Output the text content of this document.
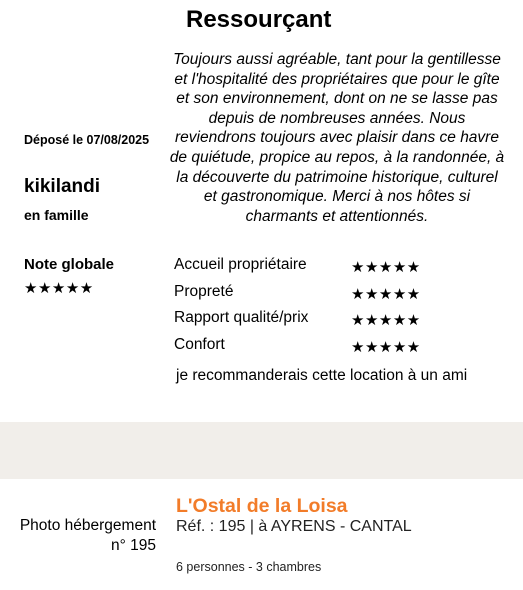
Ressourçant
Toujours aussi agréable, tant pour la gentillesse et l'hospitalité des propriétaires que pour le gîte et son environnement, dont on ne se lasse pas depuis de nombreuses années. Nous reviendrons toujours avec plaisir dans ce havre de quiétude, propice au repos, à la randonnée, à la découverte du patrimoine historique, culturel et gastronomique. Merci à nos hôtes si charmants et attentionnés.
Déposé le 07/08/2025
kikilandi
en famille
Note globale
★★★★★
Accueil propriétaire	★★★★★
Propreté	★★★★★
Rapport qualité/prix	★★★★★
Confort	★★★★★
je recommanderais cette location à un ami
Photo hébergement
n° 195
L'Ostal de la Loisa
Réf. : 195 | à AYRENS - CANTAL
6 personnes - 3 chambres
